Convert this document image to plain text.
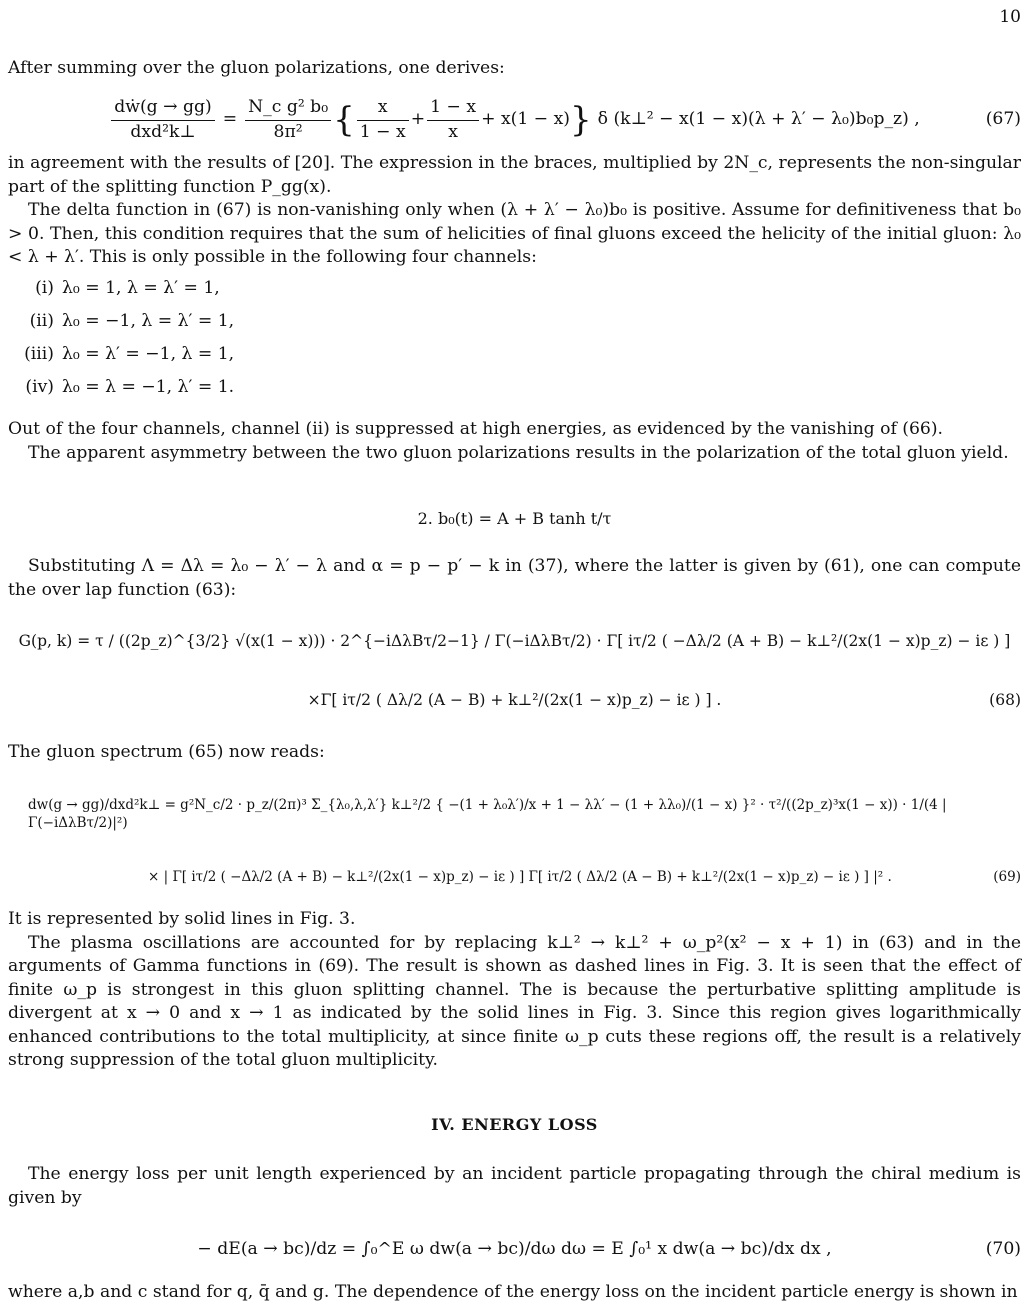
10

After summing over the gluon polarizations, one derives:

$\frac{\text{dẇ(g → gg)}}{\text{dxd²k⊥}} = \frac{\text{N\_c g² b₀}}{\text{8π²}}$ { $\frac{x}{1 - x} + \frac{1 - x}{x} + x(1 - x)$ } δ (k⊥² − x(1 − x)(λ + λ′ − λ₀)b₀p_z) ,	(67)

in agreement with the results of [20]. The expression in the braces, multiplied by 2N_c, represents the non-singular part of the splitting function P_gg(x).

The delta function in (67) is non-vanishing only when (λ + λ′ − λ₀)b₀ is positive. Assume for definitiveness that b₀ > 0. Then, this condition requires that the sum of helicities of final gluons exceed the helicity of the initial gluon: λ₀ < λ + λ′. This is only possible in the following four channels:

(i) λ₀ = 1, λ = λ′ = 1,
(ii) λ₀ = −1, λ = λ′ = 1,
(iii) λ₀ = λ′ = −1, λ = 1,
(iv) λ₀ = λ = −1, λ′ = 1.

Out of the four channels, channel (ii) is suppressed at high energies, as evidenced by the vanishing of (66).

The apparent asymmetry between the two gluon polarizations results in the polarization of the total gluon yield.

2. b₀(t) = A + B tanh t/τ

Substituting Λ = Δλ = λ₀ − λ′ − λ and α = p − p′ − k in (37), where the latter is given by (61), one can compute the over lap function (63):

G(p, k) = τ / ((2p_z)^{3/2} √(x(1 − x))) · 2^{−iΔλBτ/2−1} / Γ(−iΔλBτ/2) · Γ[ iτ/2 ( −Δλ/2 (A + B) − k⊥²/(2x(1 − x)p_z) − iε ) ]
×Γ[ iτ/2 ( Δλ/2 (A − B) + k⊥²/(2x(1 − x)p_z) − iε ) ] .	(68)

The gluon spectrum (65) now reads:

dw(g → gg)/dxd²k⊥ = g²N_c/2 · p_z/(2π)³ Σ_{λ₀,λ,λ′} k⊥²/2 { −(1 + λ₀λ′)/x + 1 − λλ′ − (1 + λλ₀)/(1 − x) }² · τ²/((2p_z)³x(1 − x)) · 1/(4 |Γ(−iΔλBτ/2)|²)
× | Γ[ iτ/2 ( −Δλ/2 (A + B) − k⊥²/(2x(1 − x)p_z) − iε ) ] Γ[ iτ/2 ( Δλ/2 (A − B) + k⊥²/(2x(1 − x)p_z) − iε ) ] |² .	(69)

It is represented by solid lines in Fig. 3.

The plasma oscillations are accounted for by replacing k⊥² → k⊥² + ω_p²(x² − x + 1) in (63) and in the arguments of Gamma functions in (69). The result is shown as dashed lines in Fig. 3. It is seen that the effect of finite ω_p is strongest in this gluon splitting channel. The is because the perturbative splitting amplitude is divergent at x → 0 and x → 1 as indicated by the solid lines in Fig. 3. Since this region gives logarithmically enhanced contributions to the total multiplicity, at since finite ω_p cuts these regions off, the result is a relatively strong suppression of the total gluon multiplicity.

IV. ENERGY LOSS

The energy loss per unit length experienced by an incident particle propagating through the chiral medium is given by

− dE(a → bc)/dz = ∫₀^E ω dw(a → bc)/dω dω = E ∫₀¹ x dw(a → bc)/dx dx ,	(70)

where a,b and c stand for q, q̄ and g. The dependence of the energy loss on the incident particle energy is shown in
